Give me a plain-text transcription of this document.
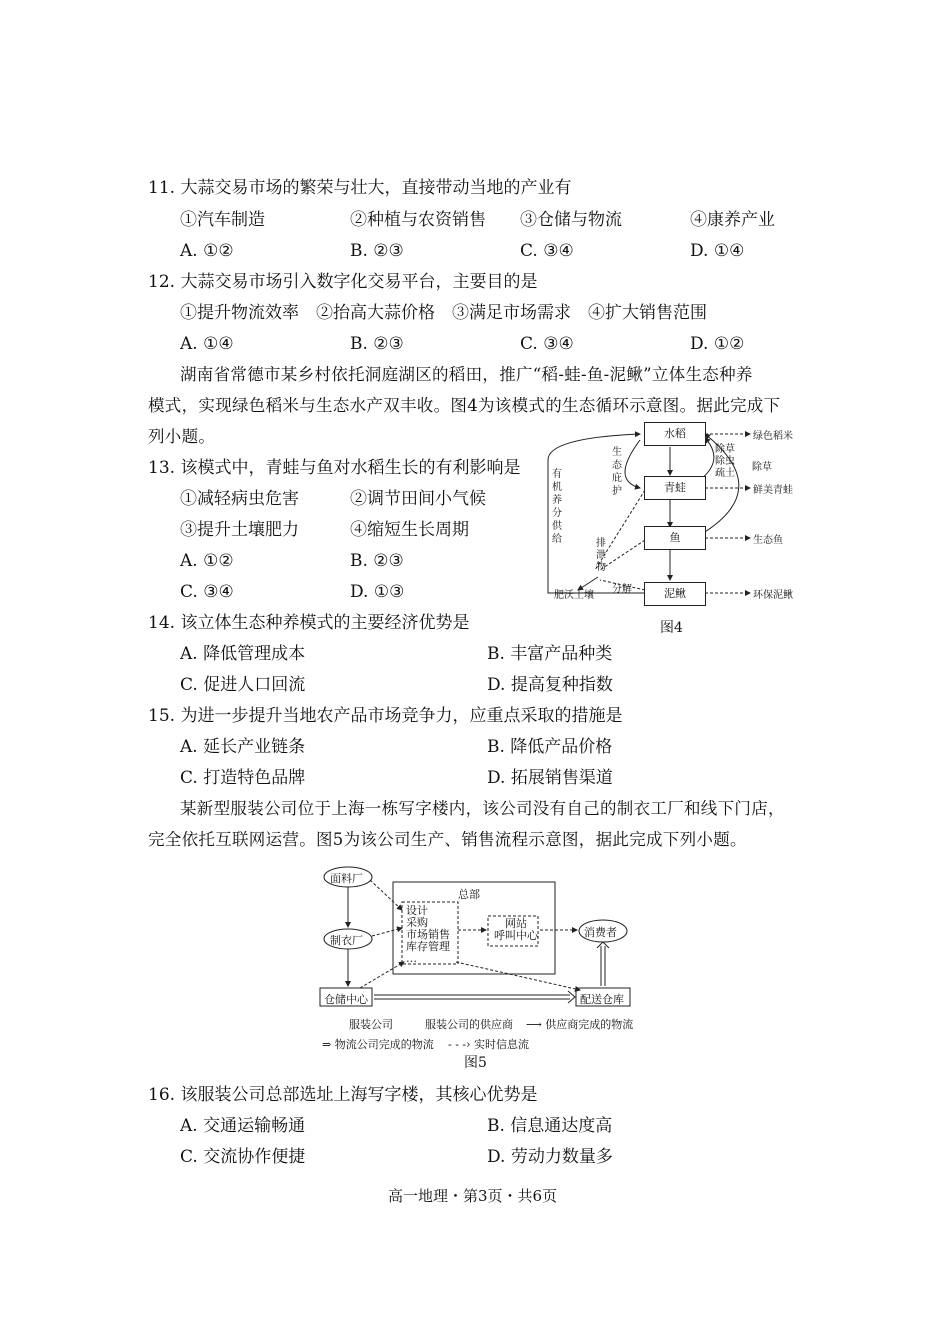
11. 大蒜交易市场的繁荣与壮大，直接带动当地的产业有
①汽车制造	②种植与农资销售 ③仓储与物流	④康养产业
A. ①②	B. ②③	C. ③④	D. ①④
12. 大蒜交易市场引入数字化交易平台，主要目的是
①提升物流效率 ②抬高大蒜价格 ③满足市场需求 ④扩大销售范围
A. ①④	B. ②③	C. ③④	D. ①②
湖南省常德市某乡村依托洞庭湖区的稻田，推广“稻-蛙-鱼-泥鳅”立体生态种养
模式，实现绿色稻米与生态水产双丰收。图4为该模式的生态循环示意图。据此完成下
列小题。
13. 该模式中，青蛙与鱼对水稻生长的有利影响是
①减轻病虫危害	②调节田间小气候
③提升土壤肥力	④缩短生长周期
A. ①②	B. ②③
C. ③④	D. ①③
水稻
青蛙
鱼
泥鳅
绿色稻米
鲜美青蛙
生态鱼
环保泥鳅
肥沃土壤
有机养分供给
生态庇护
除草除虫疏土
除草
排泄物
分解
图4
14. 该立体生态种养模式的主要经济优势是
A. 降低管理成本	B. 丰富产品种类
C. 促进人口回流	D. 提高复种指数
15. 为进一步提升当地农产品市场竞争力，应重点采取的措施是
A. 延长产业链条	B. 降低产品价格
C. 打造特色品牌	D. 拓展销售渠道
某新型服装公司位于上海一栋写字楼内，该公司没有自己的制衣工厂和线下门店，
完全依托互联网运营。图5为该公司生产、销售流程示意图，据此完成下列小题。
总部
设计
采购
市场销售
库存管理
…
网站
呼叫中心
面料厂
制衣厂
消费者
仓储中心	配送仓库
服装公司	服装公司的供应商 ⟶ 供应商完成的物流
⇒ 物流公司完成的物流 - - -› 实时信息流
图5
16. 该服装公司总部选址上海写字楼，其核心优势是
A. 交通运输畅通	B. 信息通达度高
C. 交流协作便捷	D. 劳动力数量多
高一地理・第3页・共6页
